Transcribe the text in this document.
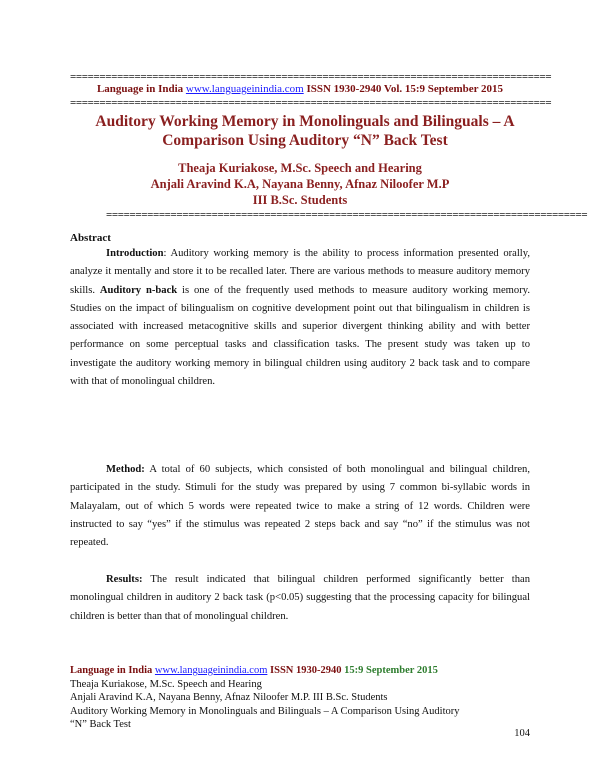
==================================================================================
Language in India www.languageinindia.com ISSN 1930-2940 Vol. 15:9 September 2015
==================================================================================
Auditory Working Memory in Monolinguals and Bilinguals – A
Comparison Using Auditory “N” Back Test
Theaja Kuriakose, M.Sc. Speech and Hearing
Anjali Aravind K.A, Nayana Benny, Afnaz Niloofer M.P
III B.Sc. Students
==================================================================================
Abstract
Introduction: Auditory working memory is the ability to process information presented orally, analyze it mentally and store it to be recalled later. There are various methods to measure auditory memory skills. Auditory n-back is one of the frequently used methods to measure auditory working memory. Studies on the impact of bilingualism on cognitive development point out that bilingualism in children is associated with increased metacognitive skills and superior divergent thinking ability and with better performance on some perceptual tasks and classification tasks. The present study was taken up to investigate the auditory working memory in bilingual children using auditory 2 back task and to compare with that of monolingual children.
Method: A total of 60 subjects, which consisted of both monolingual and bilingual children, participated in the study. Stimuli for the study was prepared by using 7 common bi-syllabic words in Malayalam, out of which 5 words were repeated twice to make a string of 12 words. Children were instructed to say “yes” if the stimulus was repeated 2 steps back and say “no” if the stimulus was not repeated.
Results: The result indicated that bilingual children performed significantly better than monolingual children in auditory 2 back task (p<0.05) suggesting that the processing capacity for bilingual children is better than that of monolingual children.
Language in India www.languageinindia.com ISSN 1930-2940 15:9 September 2015
Theaja Kuriakose, M.Sc. Speech and Hearing
Anjali Aravind K.A, Nayana Benny, Afnaz Niloofer M.P. III B.Sc. Students
Auditory Working Memory in Monolinguals and Bilinguals – A Comparison Using Auditory
“N” Back Test
104
